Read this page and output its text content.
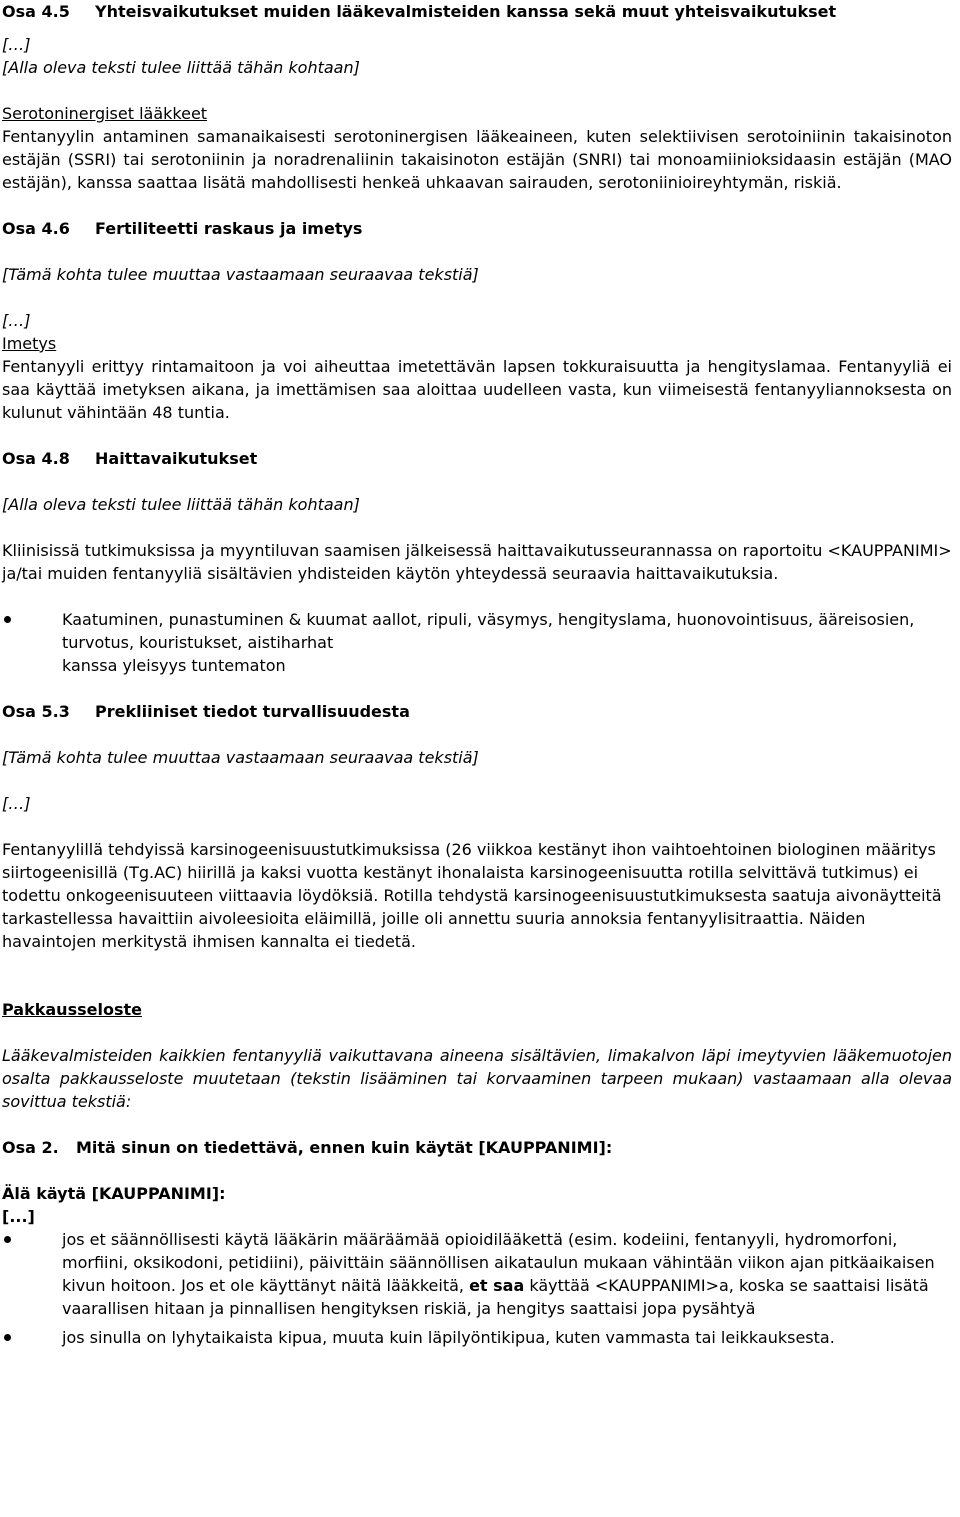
Osa 4.5	Yhteisvaikutukset muiden lääkevalmisteiden kanssa sekä muut yhteisvaikutukset

[…]

[Alla oleva teksti tulee liittää tähän kohtaan]

Serotoninergiset lääkkeet

Fentanyylin antaminen samanaikaisesti serotoninergisen lääkeaineen, kuten selektiivisen serotoiniinin takaisinoton estäjän (SSRI) tai serotoniinin ja noradrenaliinin takaisinoton estäjän (SNRI) tai monoamiinioksidaasin estäjän (MAO estäjän), kanssa saattaa lisätä mahdollisesti henkeä uhkaavan sairauden, serotoniinioireyhtymän, riskiä.

Osa 4.6	Fertiliteetti raskaus ja imetys

[Tämä kohta tulee muuttaa vastaamaan seuraavaa tekstiä]

[…]

Imetys

Fentanyyli erittyy rintamaitoon ja voi aiheuttaa imetettävän lapsen tokkuraisuutta ja hengityslamaa. Fentanyyliä ei saa käyttää imetyksen aikana, ja imettämisen saa aloittaa uudelleen vasta, kun viimeisestä fentanyyliannoksesta on kulunut vähintään 48 tuntia.

Osa 4.8	Haittavaikutukset

[Alla oleva teksti tulee liittää tähän kohtaan]

Kliinisissä tutkimuksissa ja myyntiluvan saamisen jälkeisessä haittavaikutusseurannassa on raportoitu <KAUPPANIMI> ja/tai muiden fentanyyliä sisältävien yhdisteiden käytön yhteydessä seuraavia haittavaikutuksia.

Kaatuminen, punastuminen & kuumat aallot, ripuli, väsymys, hengityslama, huonovointisuus, ääreisosien, turvotus, kouristukset, aistiharhat
kanssa yleisyys tuntematon
Osa 5.3	Prekliiniset tiedot turvallisuudesta

[Tämä kohta tulee muuttaa vastaamaan seuraavaa tekstiä]

[…]

Fentanyylillä tehdyissä karsinogeenisuustutkimuksissa (26 viikkoa kestänyt ihon vaihtoehtoinen biologinen määritys siirtogeenisillä (Tg.AC) hiirillä ja kaksi vuotta kestänyt ihonalaista karsinogeenisuutta rotilla selvittävä tutkimus) ei todettu onkogeenisuuteen viittaavia löydöksiä. Rotilla tehdystä karsinogeenisuustutkimuksesta saatuja aivonäytteitä tarkastellessa havaittiin aivoleesioita eläimillä, joille oli annettu suuria annoksia fentanyylisitraattia. Näiden havaintojen merkitystä ihmisen kannalta ei tiedetä.

Pakkausseloste

Lääkevalmisteiden kaikkien fentanyyliä vaikuttavana aineena sisältävien, limakalvon läpi imeytyvien lääkemuotojen osalta pakkausseloste muutetaan (tekstin lisääminen tai korvaaminen tarpeen mukaan) vastaamaan alla olevaa sovittua tekstiä:

Osa 2.	Mitä sinun on tiedettävä, ennen kuin käytät [KAUPPANIMI]:

Älä käytä [KAUPPANIMI]:

[...]

jos et säännöllisesti käytä lääkärin määräämää opioidilääkettä (esim. kodeiini, fentanyyli, hydromorfoni, morfiini, oksikodoni, petidiini), päivittäin säännöllisen aikataulun mukaan vähintään viikon ajan pitkäaikaisen kivun hoitoon. Jos et ole käyttänyt näitä lääkkeitä, et saa käyttää <KAUPPANIMI>a, koska se saattaisi lisätä vaarallisen hitaan ja pinnallisen hengityksen riskiä, ja hengitys saattaisi jopa pysähtyä
jos sinulla on lyhytaikaista kipua, muuta kuin läpilyöntikipua, kuten vammasta tai leikkauksesta.
